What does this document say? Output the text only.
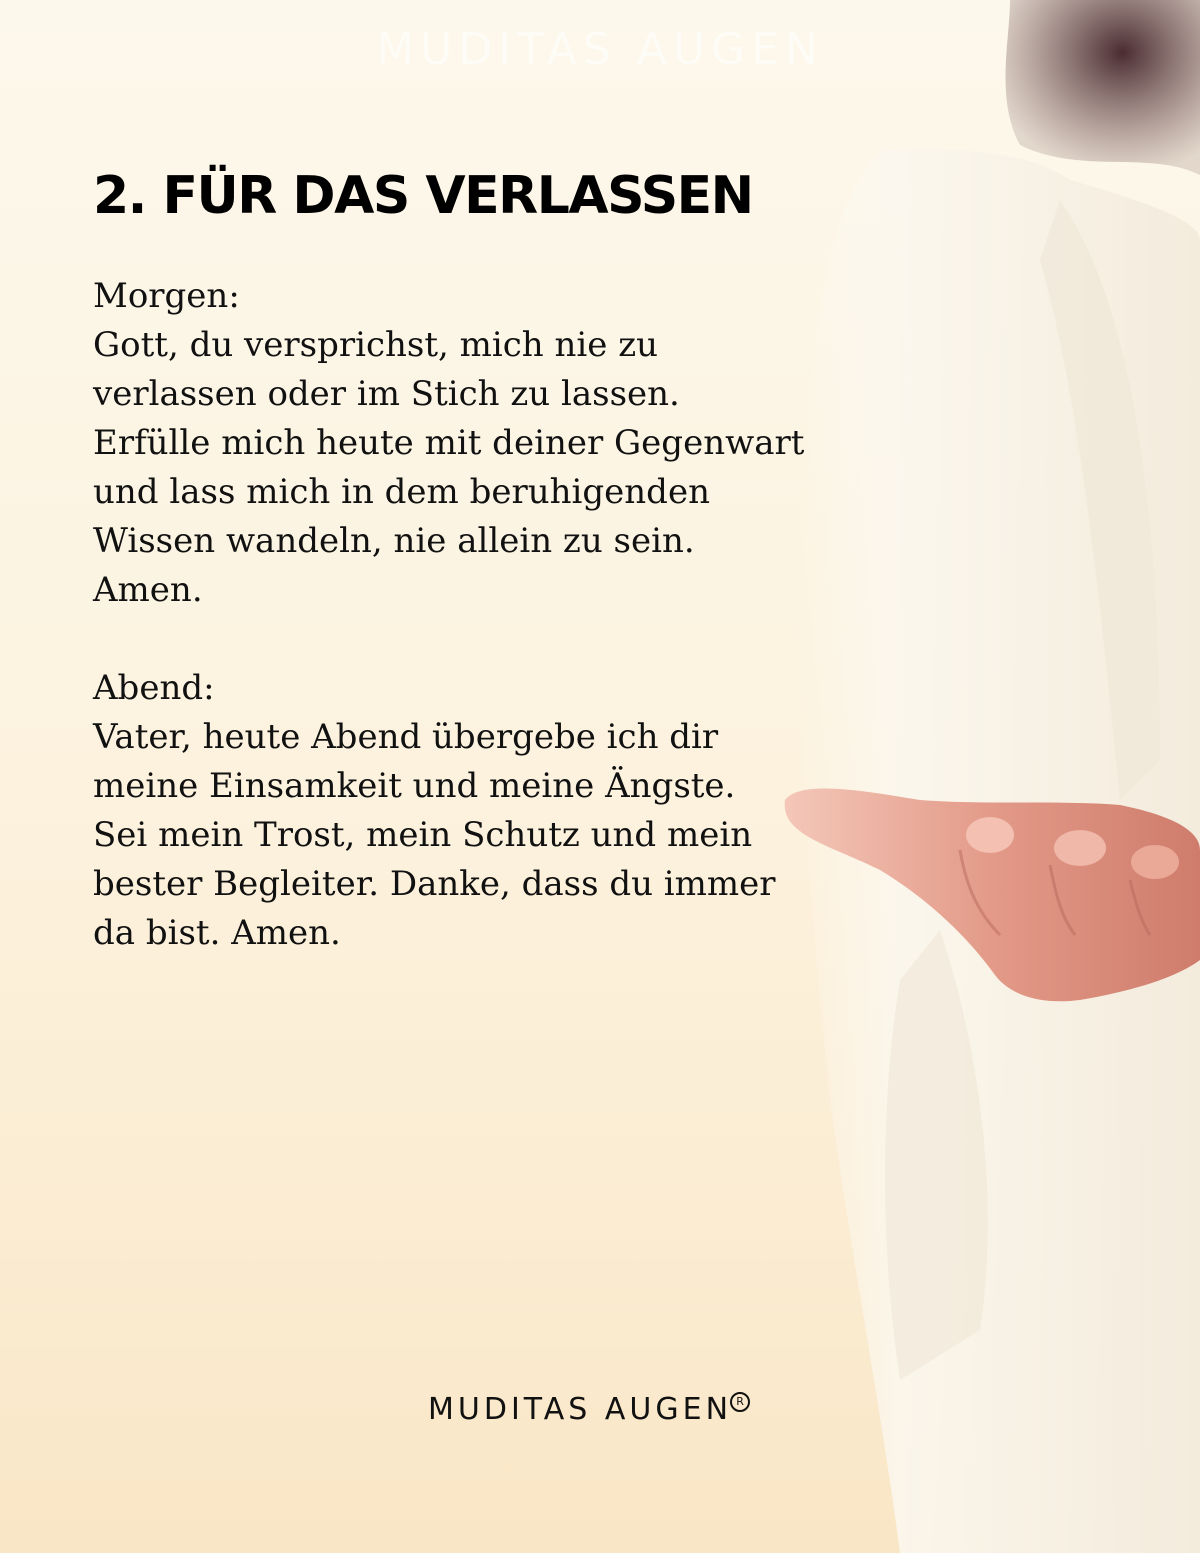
MUDITAS AUGEN
2. FÜR DAS VERLASSEN

Morgen:

Gott, du versprichst, mich nie zu

verlassen oder im Stich zu lassen.

Erfülle mich heute mit deiner Gegenwart

und lass mich in dem beruhigenden

Wissen wandeln, nie allein zu sein.

Amen.

Abend:

Vater, heute Abend übergebe ich dir

meine Einsamkeit und meine Ängste.

Sei mein Trost, mein Schutz und mein

bester Begleiter. Danke, dass du immer

da bist. Amen.

MUDITAS AUGEN R
